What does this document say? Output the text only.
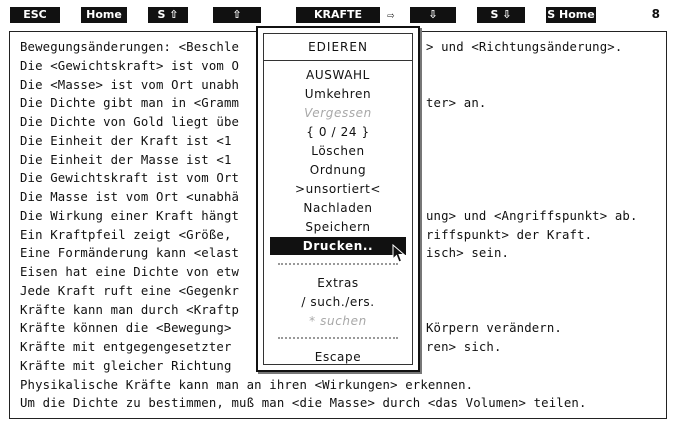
ESC	Home	S ⇧	⇧	KRAFTE	⇨	⇩	S ⇩	S Home	8
Bewegungsänderungen: <Beschle
Die <Gewichtskraft> ist vom O
Die <Masse> ist vom Ort unabh
Die Dichte gibt man in <Gramm
Die Dichte von Gold liegt übe
Die Einheit der Kraft ist <1
Die Einheit der Masse ist <1
Die Gewichtskraft ist vom Ort
Die Masse ist vom Ort <unabhä
Die Wirkung einer Kraft hängt
Ein Kraftpfeil zeigt <Größe,
Eine Formänderung kann <elast
Eisen hat eine Dichte von etw
Jede Kraft ruft eine <Gegenkr
Kräfte kann man durch <Kraftp
Kräfte können die <Bewegung>
Kräfte mit entgegengesetzter
Kräfte mit gleicher Richtung
Physikalische Kräfte kann man an ihren <Wirkungen> erkennen.
Um die Dichte zu bestimmen, muß man <die Masse> durch <das Volumen> teilen.
> und <Richtungsänderung>.
ter> an.
ung> und <Angriffspunkt> ab.
riffspunkt> der Kraft.
isch> sein.
Körpern verändern.
ren> sich.
EDIEREN
AUSWAHL
Umkehren
Vergessen
{ 0 / 24 }
Löschen
Ordnung
>unsortiert<
Nachladen
Speichern
Drucken..
Extras
/ such./ers.
* suchen
Escape
